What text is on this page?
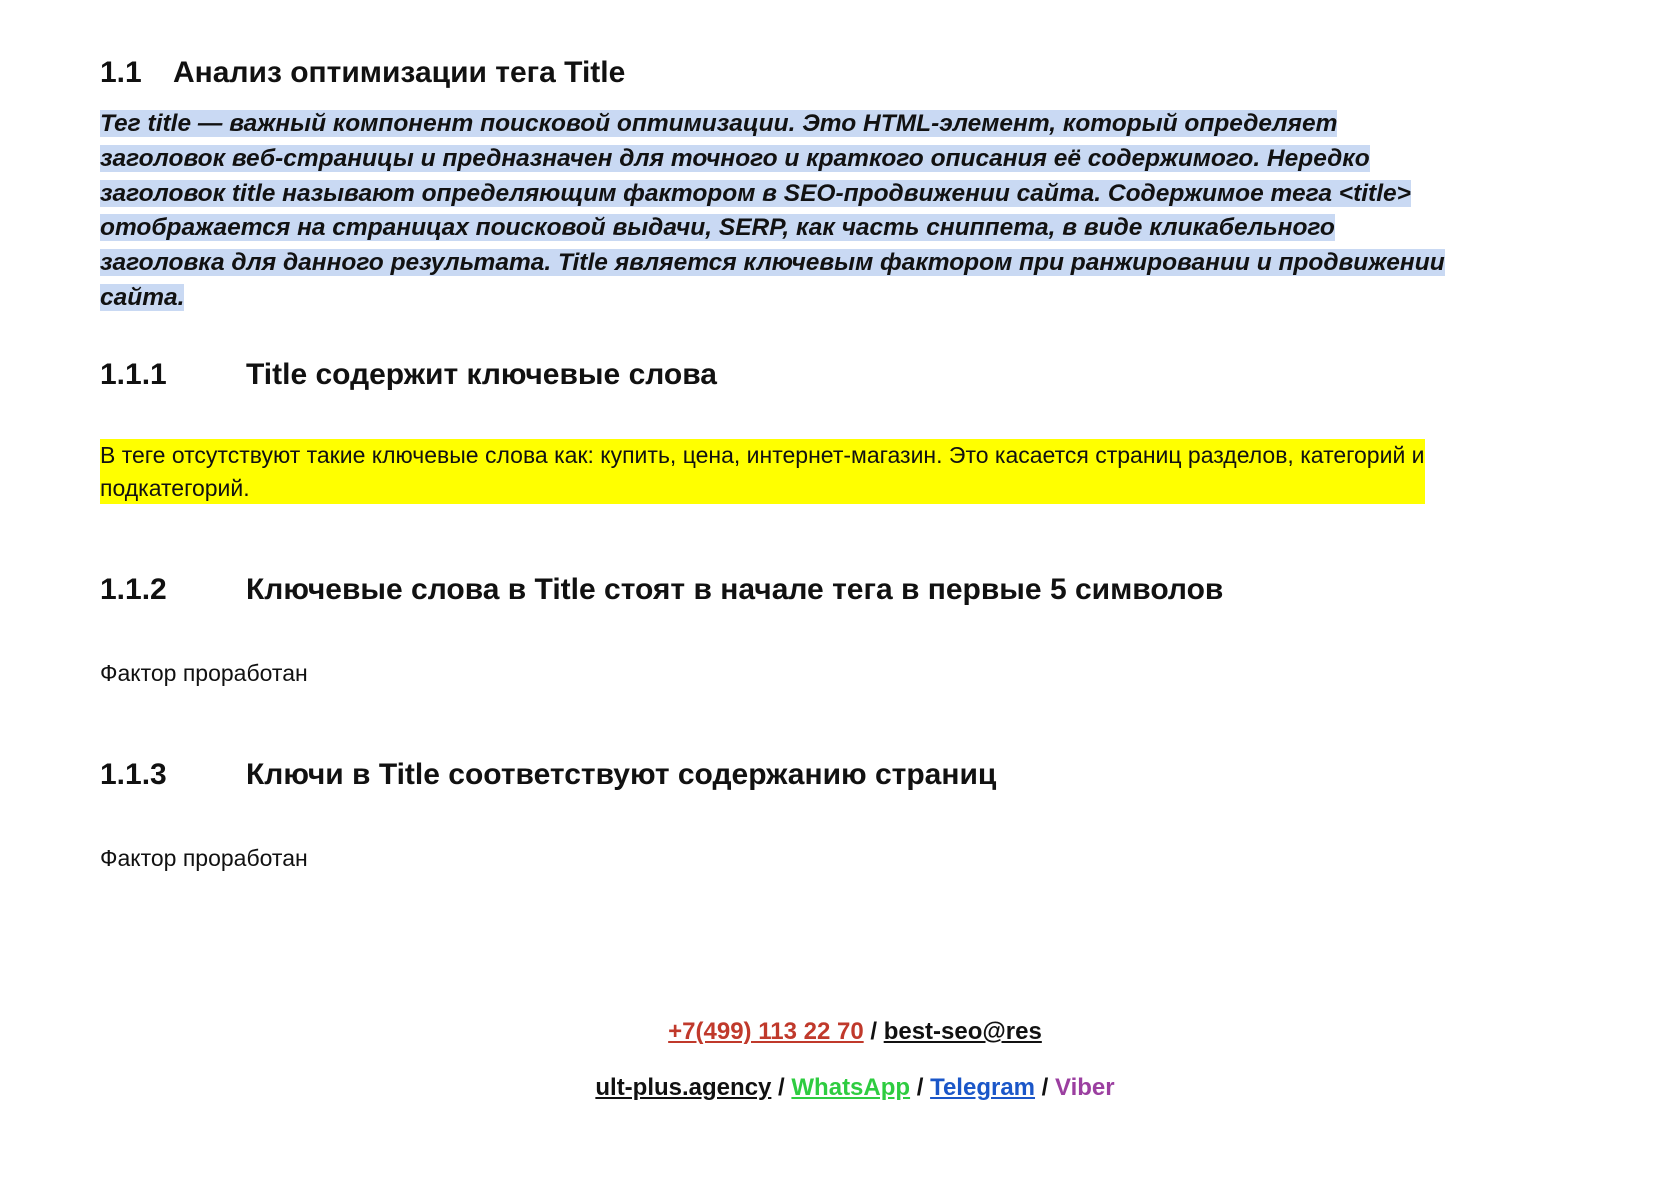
1.1 Анализ оптимизации тега Title

Тег title — важный компонент поисковой оптимизации. Это HTML-элемент, который определяет
заголовок веб-страницы и предназначен для точного и краткого описания её содержимого. Нередко
заголовок title называют определяющим фактором в SEO-продвижении сайта. Содержимое тега <title>
отображается на страницах поисковой выдачи, SERP, как часть сниппета, в виде кликабельного
заголовка для данного результата. Title является ключевым фактором при ранжировании и продвижении
сайта.

1.1.1	Title содержит ключевые слова

В теге отсутствуют такие ключевые слова как: купить, цена, интернет-магазин. Это касается страниц разделов, категорий и
подкатегорий.

1.1.2	Ключевые слова в Title стоят в начале тега в первые 5 символов

Фактор проработан

1.1.3	Ключи в Title соответствуют содержанию страниц

Фактор проработан

+7(499) 113 22 70 / best-seo@res
ult-plus.agency / WhatsApp / Telegram / Viber
